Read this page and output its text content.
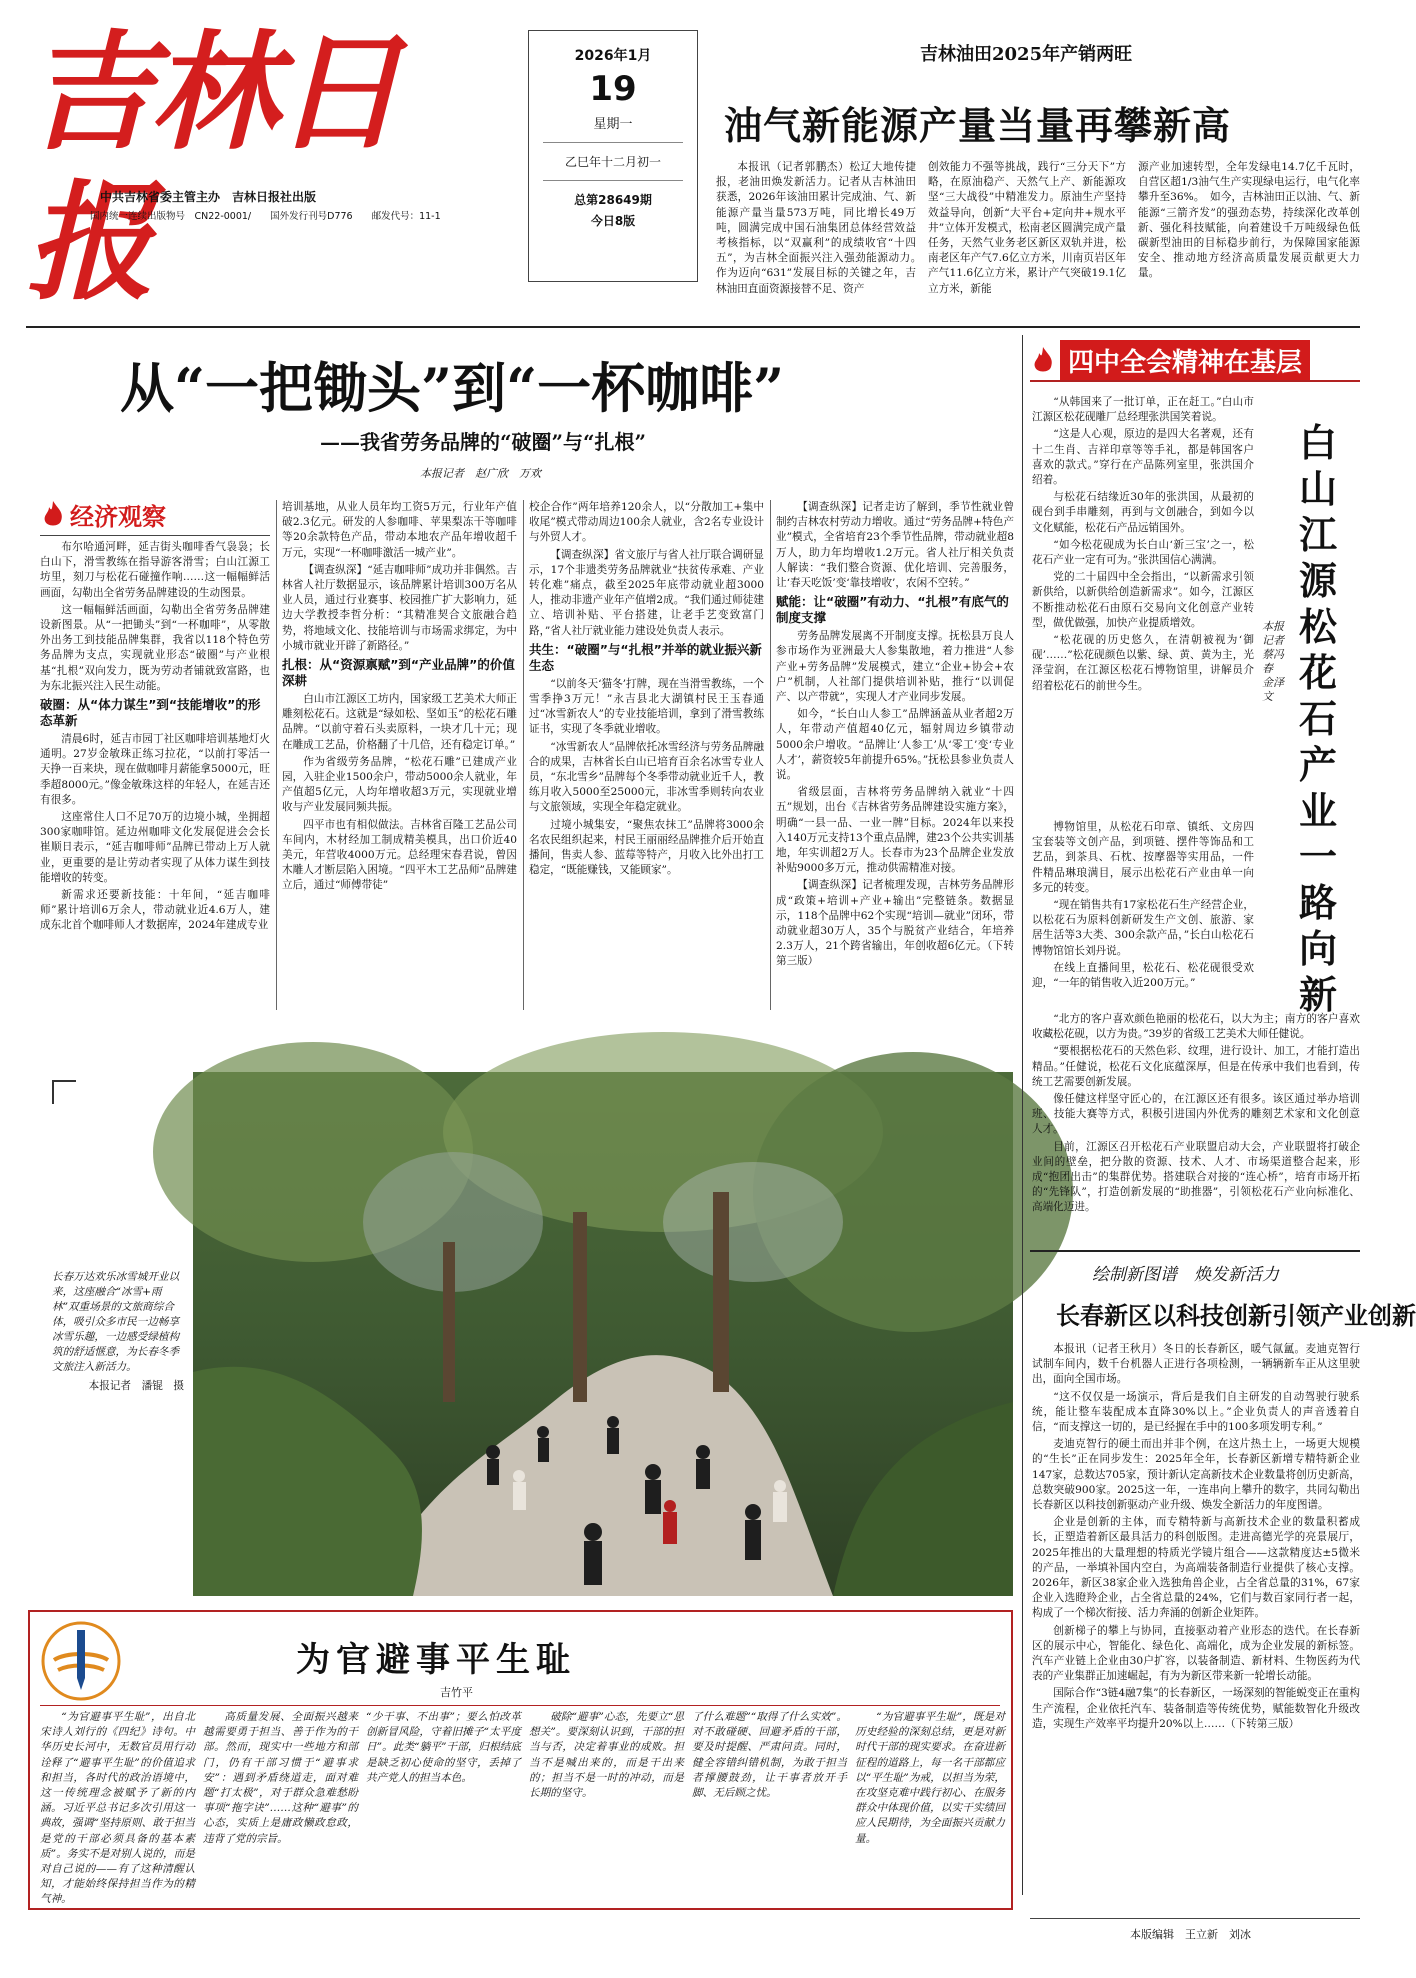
吉林日报
中共吉林省委主管主办　吉林日报社出版
国内统一连续出版物号　CN22-0001/　　国外发行刊号D776　　邮发代号：11-1
2026年1月
19
星期一
乙巳年十二月初一
总第28649期
今日8版
吉林油田2025年产销两旺
油气新能源产量当量再攀新高

本报讯（记者郭鹏杰）松辽大地传捷报，老油田焕发新活力。记者从吉林油田获悉，2026年该油田累计完成油、气、新能源产量当量573万吨，同比增长49万吨，圆满完成中国石油集团总体经营效益考核指标，以“双赢利”的成绩收官“十四五”，为吉林全面振兴注入强劲能源动力。　作为迈向“631”发展目标的关键之年，吉林油田直面资源接替不足、资产

创效能力不强等挑战，践行“三分天下”方略，在原油稳产、天然气上产、新能源攻坚“三大战役”中精准发力。原油生产坚持效益导向，创新“大平台+定向井+规水平井”立体开发模式，松南老区圆满完成产量任务，天然气业务老区新区双轨并进，松南老区年产气7.6亿立方米，川南页岩区年产气11.6亿立方米，累计产气突破19.1亿立方米，新能

源产业加速转型，全年发绿电14.7亿千瓦时，自营区超1/3油气生产实现绿电运行，电气化率攀升至36%。　如今，吉林油田正以油、气、新能源“三箭齐发”的强劲态势，持续深化改革创新、强化科技赋能，向着建设千万吨级绿色低碳新型油田的目标稳步前行，为保障国家能源安全、推动地方经济高质量发展贡献更大力量。

从“一把锄头”到“一杯咖啡”
——我省劳务品牌的“破圈”与“扎根”
本报记者　赵广欣　万欢
经济观察

布尔哈通河畔，延吉街头咖啡香气袅袅；长白山下，滑雪教练在指导游客滑雪；白山江源工坊里，刻刀与松花石碰撞作响……这一幅幅鲜活画面，勾勒出全省劳务品牌建设的生动图景。

这一幅幅鲜活画面，勾勒出全省劳务品牌建设新图景。从“一把锄头”到“一杯咖啡”，从零散外出务工到技能品牌集群，我省以118个特色劳务品牌为支点，实现就业形态“破圈”与产业根基“扎根”双向发力，既为劳动者铺就致富路，也为东北振兴注入民生动能。

破圈：从“体力谋生”到“技能增收”的形态革新

清晨6时，延吉市园丁社区咖啡培训基地灯火通明。27岁金敏珠正练习拉花，“以前打零活一天挣一百来块，现在做咖啡月薪能拿5000元，旺季超8000元。”像金敏珠这样的年轻人，在延吉还有很多。

这座常住人口不足70万的边境小城，坐拥超300家咖啡馆。延边州咖啡文化发展促进会会长崔顺日表示，“延吉咖啡师”品牌已带动上万人就业，更重要的是让劳动者实现了从体力谋生到技能增收的转变。

新需求还要新技能：十年间，“延吉咖啡师”累计培训6万余人，带动就业近4.6万人，建成东北首个咖啡师人才数据库，2024年建成专业

培训基地，从业人员年均工资5万元，行业年产值破2.3亿元。研发的人参咖啡、苹果梨冻干等咖啡等20余款特色产品，带动本地农产品年增收超千万元，实现“一杯咖啡激活一城产业”。

【调查纵深】“延吉咖啡师”成功并非偶然。吉林省人社厅数据显示，该品牌累计培训300万名从业人员，通过行业赛事、校园推广扩大影响力，延边大学教授李哲分析：“其精准契合文旅融合趋势，将地域文化、技能培训与市场需求绑定，为中小城市就业开辟了新路径。”

扎根：从“资源禀赋”到“产业品牌”的价值深耕

白山市江源区工坊内，国家级工艺美术大师正雕刻松花石。这就是“绿如松、坚如玉”的松花石雕品牌。“以前守着石头卖原料，一块才几十元；现在雕成工艺品，价格翻了十几倍，还有稳定订单。”

作为省级劳务品牌，“松花石雕”已建成产业园，入驻企业1500余户，带动5000余人就业，年产值超5亿元，人均年增收超3万元，实现就业增收与产业发展同频共振。

四平市也有相似做法。吉林省百隆工艺品公司车间内，木材经加工制成精美模具，出口价近40美元，年营收4000万元。总经理宋春君说，曾因木雕人才断层陷入困境。“四平木工艺品师”品牌建立后，通过“师傅带徒”

校企合作”两年培养120余人，以“分散加工+集中收尾”模式带动周边100余人就业，含2名专业设计与外贸人才。

【调查纵深】省文旅厅与省人社厅联合调研显示，17个非遗类劳务品牌就业“扶贫传承难、产业转化难”痛点，截至2025年底带动就业超3000人，推动非遗产业年产值增2成。“我们通过师徒建立、培训补贴、平台搭建，让老手艺变致富门路，”省人社厅就业能力建设处负责人表示。

共生：“破圈”与“扎根”并举的就业振兴新生态

“以前冬天‘猫冬’打牌，现在当滑雪教练，一个雪季挣3万元！”永吉县北大湖镇村民王玉春通过“冰雪新农人”的专业技能培训，拿到了滑雪教练证书，实现了冬季就业增收。

“冰雪新农人”品牌依托冰雪经济与劳务品牌融合的成果，吉林省长白山已培育百余名冰雪专业人员，“东北雪乡”品牌每个冬季带动就业近千人，教练月收入5000至25000元，非冰雪季则转向农业与文旅领域，实现全年稳定就业。

过境小城集安，“聚焦农抹工”品牌将3000余名农民组织起来，村民王丽丽经品牌推介后开始直播间，售卖人参、蓝莓等特产，月收入比外出打工稳定，“既能赚钱，又能顾家”。

【调查纵深】记者走访了解到，季节性就业曾制约吉林农村劳动力增收。通过“劳务品牌+特色产业”模式，全省培育23个季节性品牌，带动就业超8万人，助力年均增收1.2万元。省人社厅相关负责人解读：“我们整合资源、优化培训、完善服务，让‘春天吃饭’变‘靠技增收’，农闲不空转。”

赋能：让“破圈”有动力、“扎根”有底气的制度支撑

劳务品牌发展离不开制度支撑。抚松县万良人参市场作为亚洲最大人参集散地，着力推进“人参产业+劳务品牌”发展模式，建立“企业+协会+农户”机制，人社部门提供培训补贴，推行“以训促产、以产带就”，实现人才产业同步发展。

如今，“长白山人参工”品牌涵盖从业者超2万人，年带动产值超40亿元，辐射周边乡镇带动5000余户增收。“品牌让‘人参工’从‘零工’变‘专业人才’，薪资较5年前提升65%。”抚松县参业负责人说。

省级层面，吉林将劳务品牌纳入就业“十四五”规划，出台《吉林省劳务品牌建设实施方案》，明确“一县一品、一业一牌”目标。2024年以来投入140万元支持13个重点品牌，建23个公共实训基地，年实训超2万人。长春市为23个品牌企业发放补贴9000多万元，推动供需精准对接。

【调查纵深】记者梳理发现，吉林劳务品牌形成“政策+培训+产业+输出”完整链条。数据显示，118个品牌中62个实现“培训—就业”闭环，带动就业超30万人，35个与脱贫产业结合，年培养2.3万人，21个跨省输出，年创收超6亿元。（下转第三版）

长春万达欢乐冰雪城开业以来，这座融合“冰雪+雨林”双重场景的文旅商综合体，吸引众多市民一边畅享冰雪乐趣，一边感受绿植构筑的舒适惬意，为长春冬季文旅注入新活力。

本报记者　潘锟　摄

四中全会精神在基层
白山江源松花石产业一路向新
本报记者　蔡冯春　金泽文

“从韩国来了一批订单，正在赶工。”白山市江源区松花砚雕厂总经理张洪国笑着说。

“这是人心观，原边的是四大名著观，还有十二生肖、吉祥印章等等手礼，都是韩国客户喜欢的款式。”穿行在产品陈列室里，张洪国介绍着。

与松花石结缘近30年的张洪国，从最初的砚台到手串雕刻，再到与文创融合，到如今以文化赋能，松花石产品远销国外。

“如今松花砚成为长白山‘新三宝’之一，松花石产业一定有可为。”张洪国信心满满。

党的二十届四中全会指出，“以新需求引领新供给，以新供给创造新需求”。如今，江源区不断推动松花石由原石交易向文化创意产业转型，做优做强，加快产业提质增效。

“松花砚的历史悠久，在清朝被视为‘御砚’……”松花砚颜色以紫、绿、黄、黄为主，光泽莹润，在江源区松花石博物馆里，讲解员介绍着松花石的前世今生。

博物馆里，从松花石印章、镇纸、文房四宝套装等文创产品，到项链、摆件等饰品和工艺品，到茶具、石枕、按摩器等实用品，一件件精品琳琅满目，展示出松花石产业由单一向多元的转变。

“现在销售共有17家松花石生产经营企业，以松花石为原料创新研发生产文创、旅游、家居生活等3大类、300余款产品，”长白山松花石博物馆馆长刘丹说。

在线上直播间里，松花石、松花砚很受欢迎，“一年的销售收入近200万元。”

“北方的客户喜欢颜色艳丽的松花石，以大为主；南方的客户喜欢收藏松花砚，以方为贵。”39岁的省级工艺美术大师任健说。

“要根据松花石的天然色彩、纹理，进行设计、加工，才能打造出精品。”任健说，松花石文化底蕴深厚，但是在传承中我们也看到，传统工艺需要创新发展。

像任健这样坚守匠心的，在江源区还有很多。该区通过举办培训班、技能大赛等方式，积极引进国内外优秀的雕刻艺术家和文化创意人才。

目前，江源区召开松花石产业联盟启动大会，产业联盟将打破企业间的壁垒，把分散的资源、技术、人才、市场渠道整合起来，形成“抱团出击”的集群优势。搭建联合对接的“连心桥”，培育市场开拓的“先锋队”，打造创新发展的“助推器”，引领松花石产业向标准化、高端化迈进。

绘制新图谱　焕发新活力
长春新区以科技创新引领产业创新

本报讯（记者王秋月）冬日的长春新区，暖气氤氲。麦迪克智行试制车间内，数千台机器人正进行各项检测，一辆辆新车正从这里驶出，面向全国市场。

“这不仅仅是一场演示，背后是我们自主研发的自动驾驶行驶系统，能让整车装配成本直降30%以上。”企业负责人的声音透着自信，“而支撑这一切的，是已经握在手中的100多项发明专利。”

麦迪克智行的硬土而出并非个例，在这片热土上，一场更大规模的“生长”正在同步发生：2025年全年，长春新区新增专精特新企业147家，总数达705家，预计新认定高新技术企业数量将创历史新高，总数突破900家。2025这一年，一连串向上攀升的数字，共同勾勒出长春新区以科技创新驱动产业升级、焕发全新活力的年度图谱。

企业是创新的主体，而专精特新与高新技术企业的数量积蓄成长，正塑造着新区最具活力的科创版图。走进高德光学的亮景展厅，2025年推出的大量理想的特质光学镜片组合——这款精度达±5微米的产品，一举填补国内空白，为高端装备制造行业提供了核心支撑。2026年，新区38家企业入选独角兽企业，占全省总量的31%，67家企业入选瞪羚企业，占全省总量的24%，它们与数百家同行者一起，构成了一个梯次衔接、活力奔涌的创新企业矩阵。

创新梯子的攀上与协同，直接驱动着产业形态的迭代。在长春新区的展示中心，智能化、绿色化、高端化，成为企业发展的新标签。汽车产业链上企业由30户扩容，以装备制造、新材料、生物医药为代表的产业集群正加速崛起，有为为新区带来新一轮增长动能。

国际合作“3链4融7集”的长春新区，一场深刻的智能蜕变正在重构生产流程，企业依托汽车、装备制造等传统优势，赋能数智化升级改造，实现生产效率平均提升20%以上……（下转第三版）

本版编辑　王立新　刘冰
为官避事平生耻
吉竹平

“为官避事平生耻”，出自北宋诗人刘行的《四纪》诗句。中华历史长河中，无数官员用行动诠释了“避事平生耻”的价值追求和担当，各时代的政治语境中，这一传统理念被赋予了新的内涵。习近平总书记多次引用这一典故，强调“坚持原则、敢于担当是党的干部必须具备的基本素质”。务实不是对别人说的，而是对自己说的——有了这种清醒认知，才能始终保持担当作为的精气神。

高质量发展、全面振兴越来越需要勇于担当、善于作为的干部。然而，现实中一些地方和部门，仍有干部习惯于“避事求安”：遇到矛盾绕道走，面对难题“打太极”，对于群众急难愁盼事项“拖字诀”……这种“避事”的心态，实质上是庸政懒政怠政，违背了党的宗旨。

“少干事、不出事”；要么怕改革创新冒风险，守着旧摊子“太平度日”。此类“躺平”干部，归根结底是缺乏初心使命的坚守，丢掉了共产党人的担当本色。

破除“避事”心态，先要立“思想关”。要深刻认识到，干部的担当与否，决定着事业的成败。担当不是喊出来的，而是干出来的；担当不是一时的冲动，而是长期的坚守。

了什么难题”“取得了什么实效”。对不敢碰硬、回避矛盾的干部，要及时提醒、严肃问责。同时，健全容错纠错机制，为敢于担当者撑腰鼓劲，让干事者放开手脚、无后顾之忧。

“为官避事平生耻”，既是对历史经验的深刻总结，更是对新时代干部的现实要求。在奋进新征程的道路上，每一名干部都应以“平生耻”为戒，以担当为荣，在攻坚克难中践行初心、在服务群众中体现价值，以实干实绩回应人民期待，为全面振兴贡献力量。
